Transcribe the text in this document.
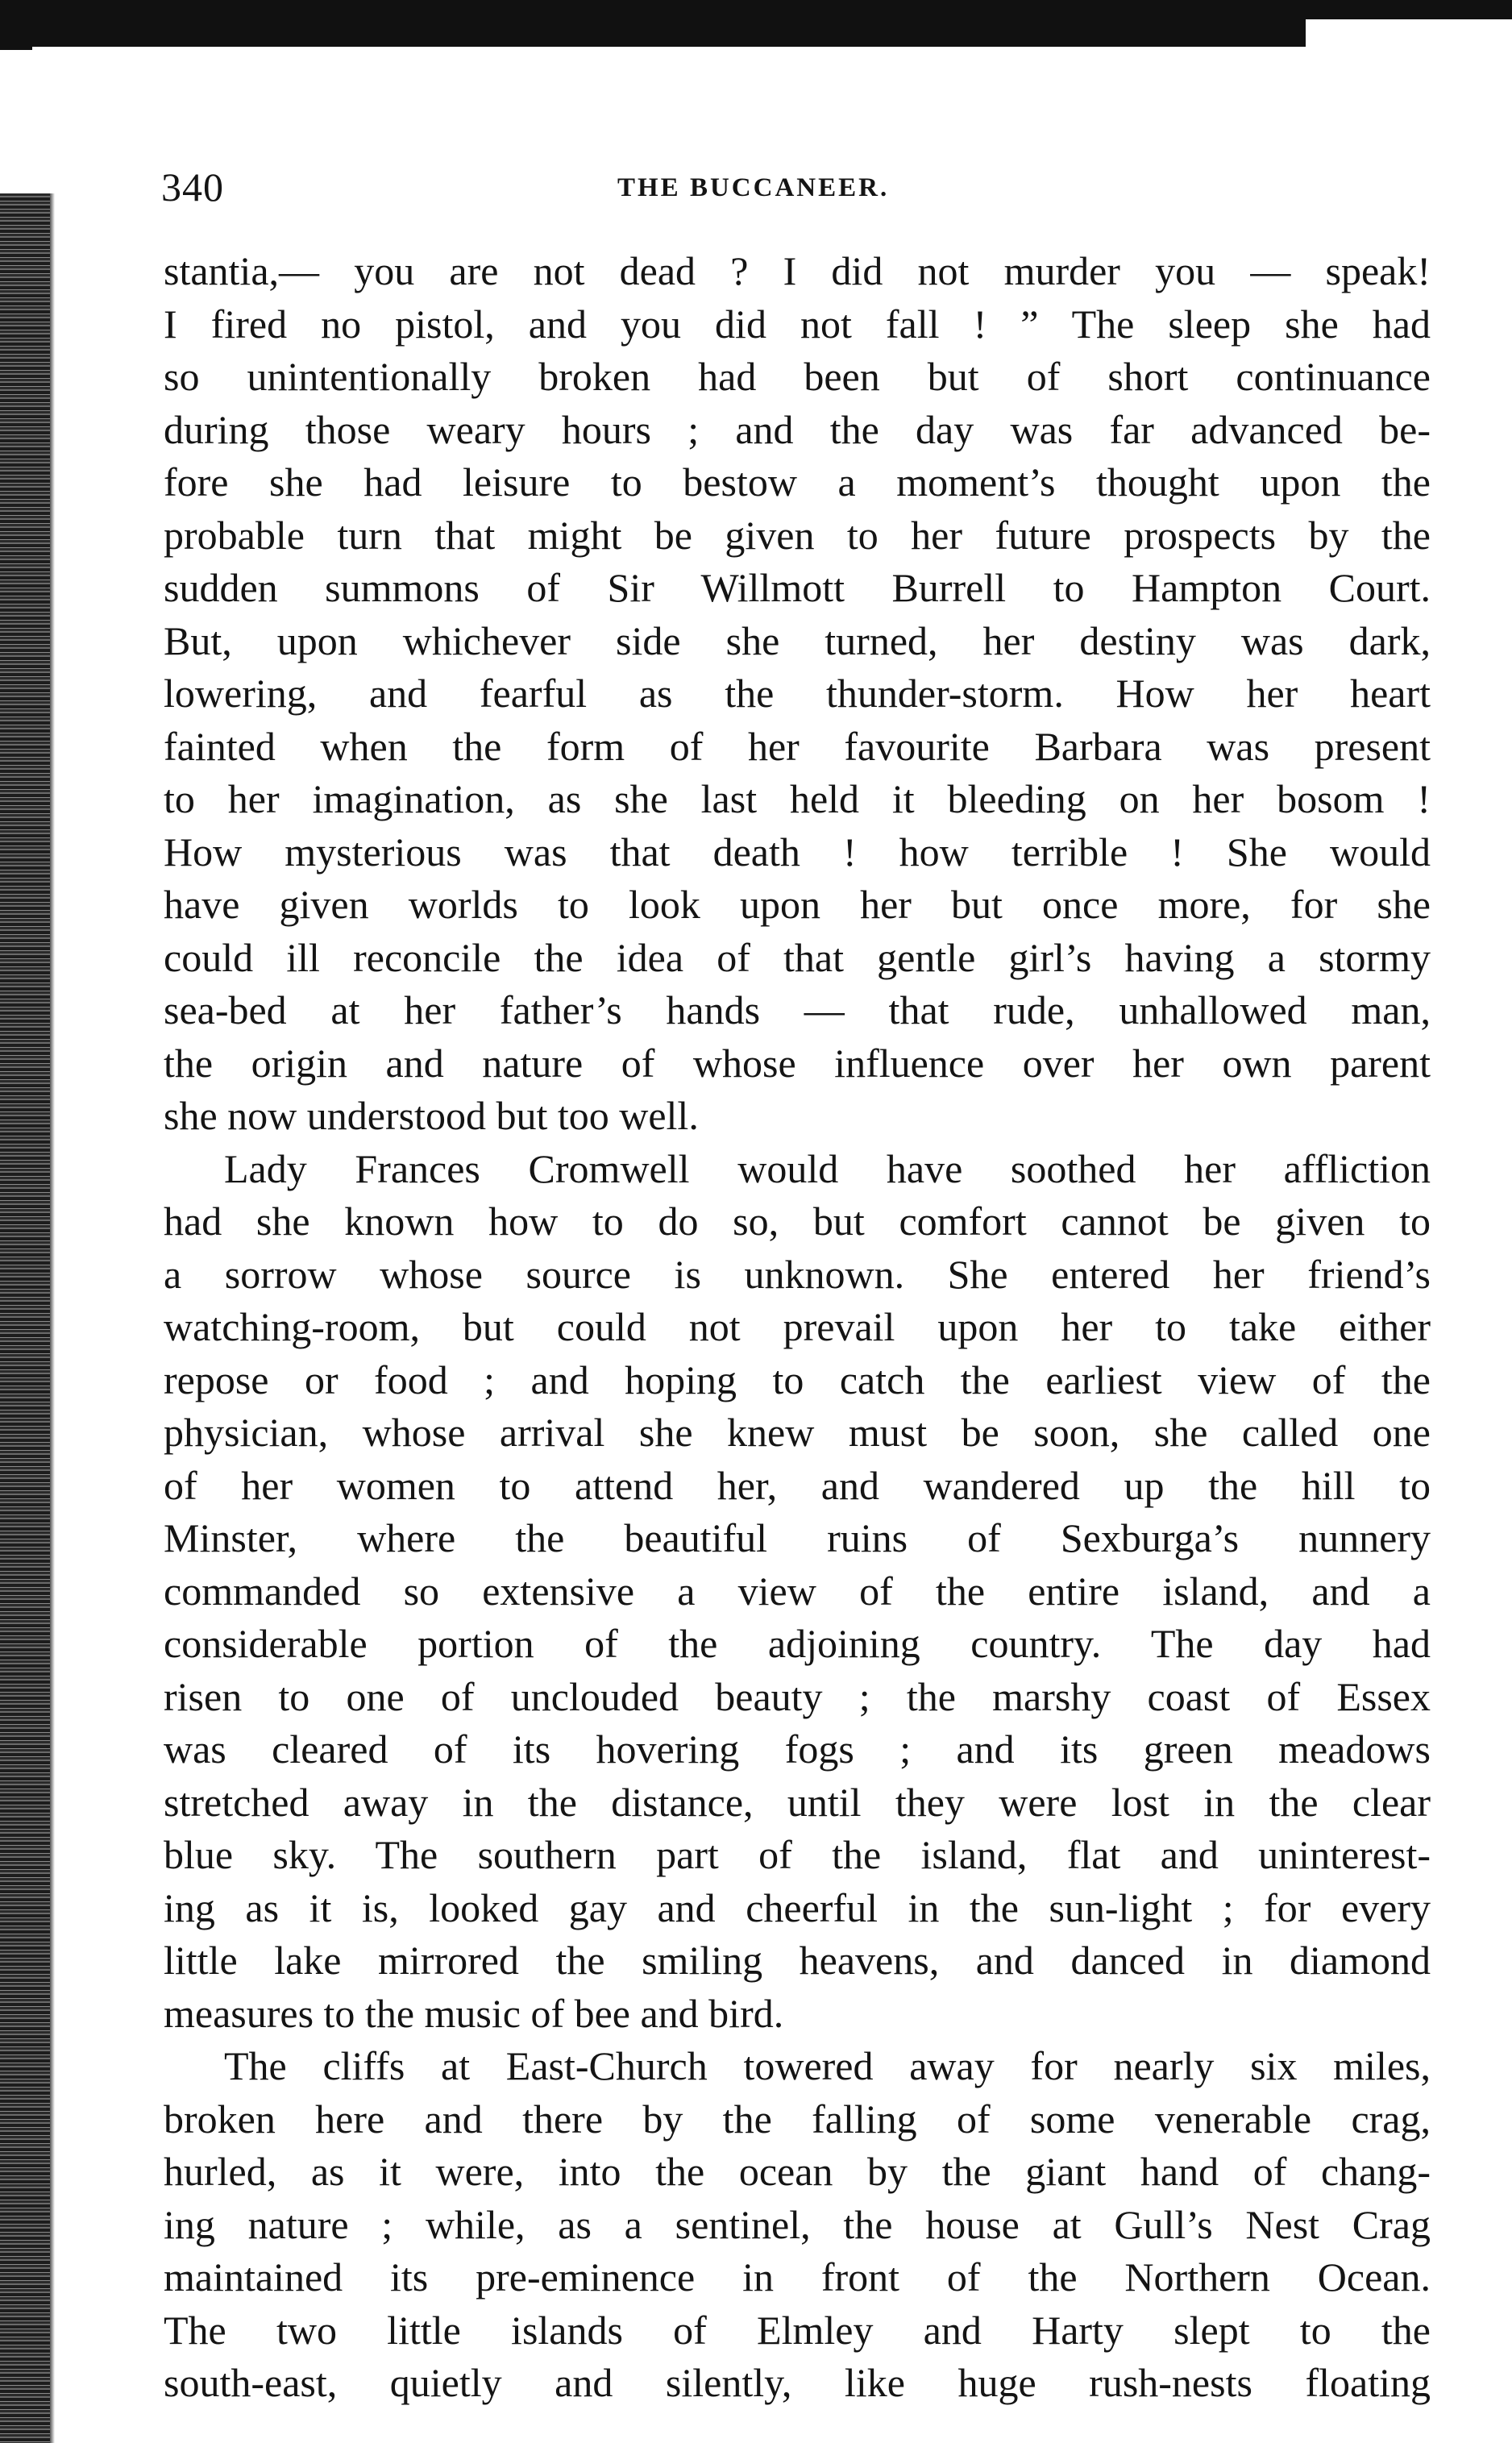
340	THE BUCCANEER.
stantia,— you are not dead ? I did not murder you — speak!
I fired no pistol, and you did not fall ! ” The sleep she had
so unintentionally broken had been but of short continuance
during those weary hours ; and the day was far advanced be-
fore she had leisure to bestow a moment’s thought upon the
probable turn that might be given to her future prospects by the
sudden summons of Sir Willmott Burrell to Hampton Court.
But, upon whichever side she turned, her destiny was dark,
lowering, and fearful as the thunder-storm. How her heart
fainted when the form of her favourite Barbara was present
to her imagination, as she last held it bleeding on her bosom !
How mysterious was that death ! how terrible ! She would
have given worlds to look upon her but once more, for she
could ill reconcile the idea of that gentle girl’s having a stormy
sea-bed at her father’s hands — that rude, unhallowed man,
the origin and nature of whose influence over her own parent
she now understood but too well.
Lady Frances Cromwell would have soothed her affliction
had she known how to do so, but comfort cannot be given to
a sorrow whose source is unknown. She entered her friend’s
watching-room, but could not prevail upon her to take either
repose or food ; and hoping to catch the earliest view of the
physician, whose arrival she knew must be soon, she called one
of her women to attend her, and wandered up the hill to
Minster, where the beautiful ruins of Sexburga’s nunnery
commanded so extensive a view of the entire island, and a
considerable portion of the adjoining country. The day had
risen to one of unclouded beauty ; the marshy coast of Essex
was cleared of its hovering fogs ; and its green meadows
stretched away in the distance, until they were lost in the clear
blue sky. The southern part of the island, flat and uninterest-
ing as it is, looked gay and cheerful in the sun-light ; for every
little lake mirrored the smiling heavens, and danced in diamond
measures to the music of bee and bird.
The cliffs at East-Church towered away for nearly six miles,
broken here and there by the falling of some venerable crag,
hurled, as it were, into the ocean by the giant hand of chang-
ing nature ; while, as a sentinel, the house at Gull’s Nest Crag
maintained its pre-eminence in front of the Northern Ocean.
The two little islands of Elmley and Harty slept to the
south-east, quietly and silently, like huge rush-nests floating
